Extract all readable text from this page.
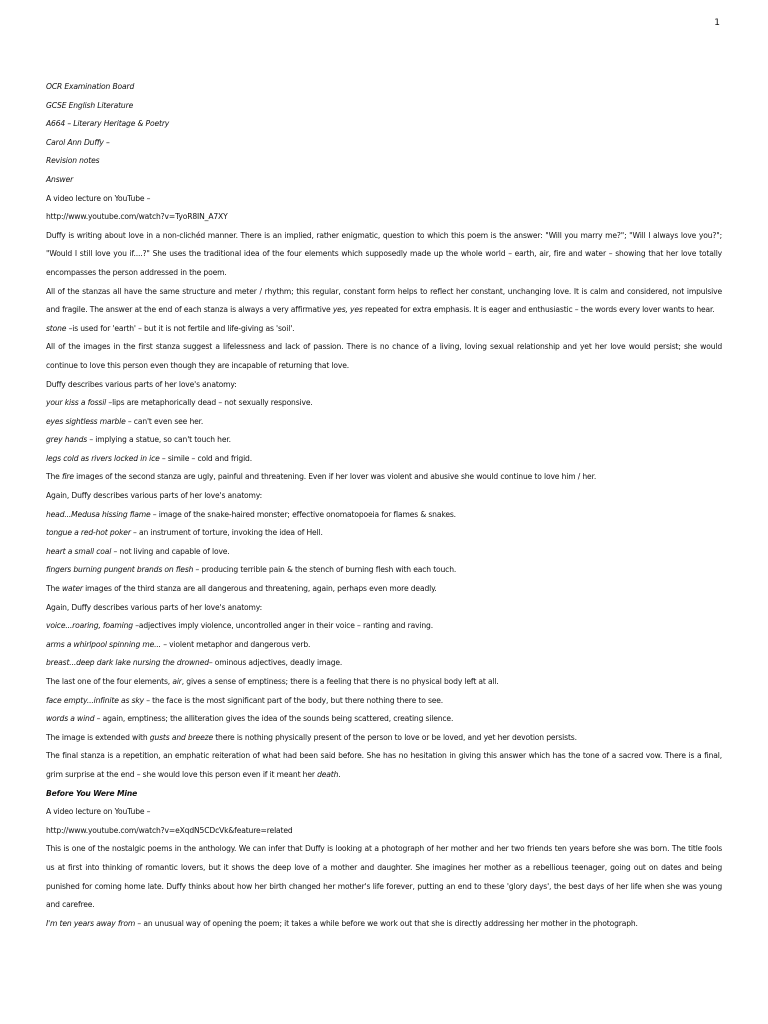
1
OCR Examination Board
GCSE English Literature
A664 – Literary Heritage & Poetry
Carol Ann Duffy –
Revision notes
Answer
A video lecture on YouTube –
http://www.youtube.com/watch?v=TyoR8IN_A7XY
Duffy is writing about love in a non-clichéd manner. There is an implied, rather enigmatic, question to which this poem is the answer: "Will you marry me?"; "Will I always love you?"; "Would I still love you if....?" She uses the traditional idea of the four elements which supposedly made up the whole world – earth, air, fire and water – showing that her love totally encompasses the person addressed in the poem.
All of the stanzas all have the same structure and meter / rhythm; this regular, constant form helps to reflect her constant, unchanging love. It is calm and considered, not impulsive and fragile. The answer at the end of each stanza is always a very affirmative yes, yes repeated for extra emphasis. It is eager and enthusiastic – the words every lover wants to hear.
stone –is used for 'earth' – but it is not fertile and life-giving as 'soil'.
All of the images in the first stanza suggest a lifelessness and lack of passion. There is no chance of a living, loving sexual relationship and yet her love would persist; she would continue to love this person even though they are incapable of returning that love.
Duffy describes various parts of her love's anatomy:
your kiss a fossil –lips are metaphorically dead – not sexually responsive.
eyes sightless marble – can't even see her.
grey hands – implying a statue, so can't touch her.
legs cold as rivers locked in ice – simile – cold and frigid.
The fire images of the second stanza are ugly, painful and threatening. Even if her lover was violent and abusive she would continue to love him / her.
Again, Duffy describes various parts of her love's anatomy:
head...Medusa hissing flame – image of the snake-haired monster; effective onomatopoeia for flames & snakes.
tongue a red-hot poker – an instrument of torture, invoking the idea of Hell.
heart a small coal – not living and capable of love.
fingers burning pungent brands on flesh – producing terrible pain & the stench of burning flesh with each touch.
The water images of the third stanza are all dangerous and threatening, again, perhaps even more deadly.
Again, Duffy describes various parts of her love's anatomy:
voice...roaring, foaming –adjectives imply violence, uncontrolled anger in their voice – ranting and raving.
arms a whirlpool spinning me... – violent metaphor and dangerous verb.
breast...deep dark lake nursing the drowned– ominous adjectives, deadly image.
The last one of the four elements, air, gives a sense of emptiness; there is a feeling that there is no physical body left at all.
face empty...infinite as sky – the face is the most significant part of the body, but there nothing there to see.
words a wind – again, emptiness; the alliteration gives the idea of the sounds being scattered, creating silence.
The image is extended with gusts and breeze there is nothing physically present of the person to love or be loved, and yet her devotion persists.
The final stanza is a repetition, an emphatic reiteration of what had been said before. She has no hesitation in giving this answer which has the tone of a sacred vow. There is a final, grim surprise at the end – she would love this person even if it meant her death.
Before You Were Mine
A video lecture on YouTube –
http://www.youtube.com/watch?v=eXqdN5CDcVk&feature=related
This is one of the nostalgic poems in the anthology. We can infer that Duffy is looking at a photograph of her mother and her two friends ten years before she was born. The title fools us at first into thinking of romantic lovers, but it shows the deep love of a mother and daughter. She imagines her mother as a rebellious teenager, going out on dates and being punished for coming home late. Duffy thinks about how her birth changed her mother's life forever, putting an end to these 'glory days', the best days of her life when she was young and carefree.
I'm ten years away from – an unusual way of opening the poem; it takes a while before we work out that she is directly addressing her mother in the photograph.
